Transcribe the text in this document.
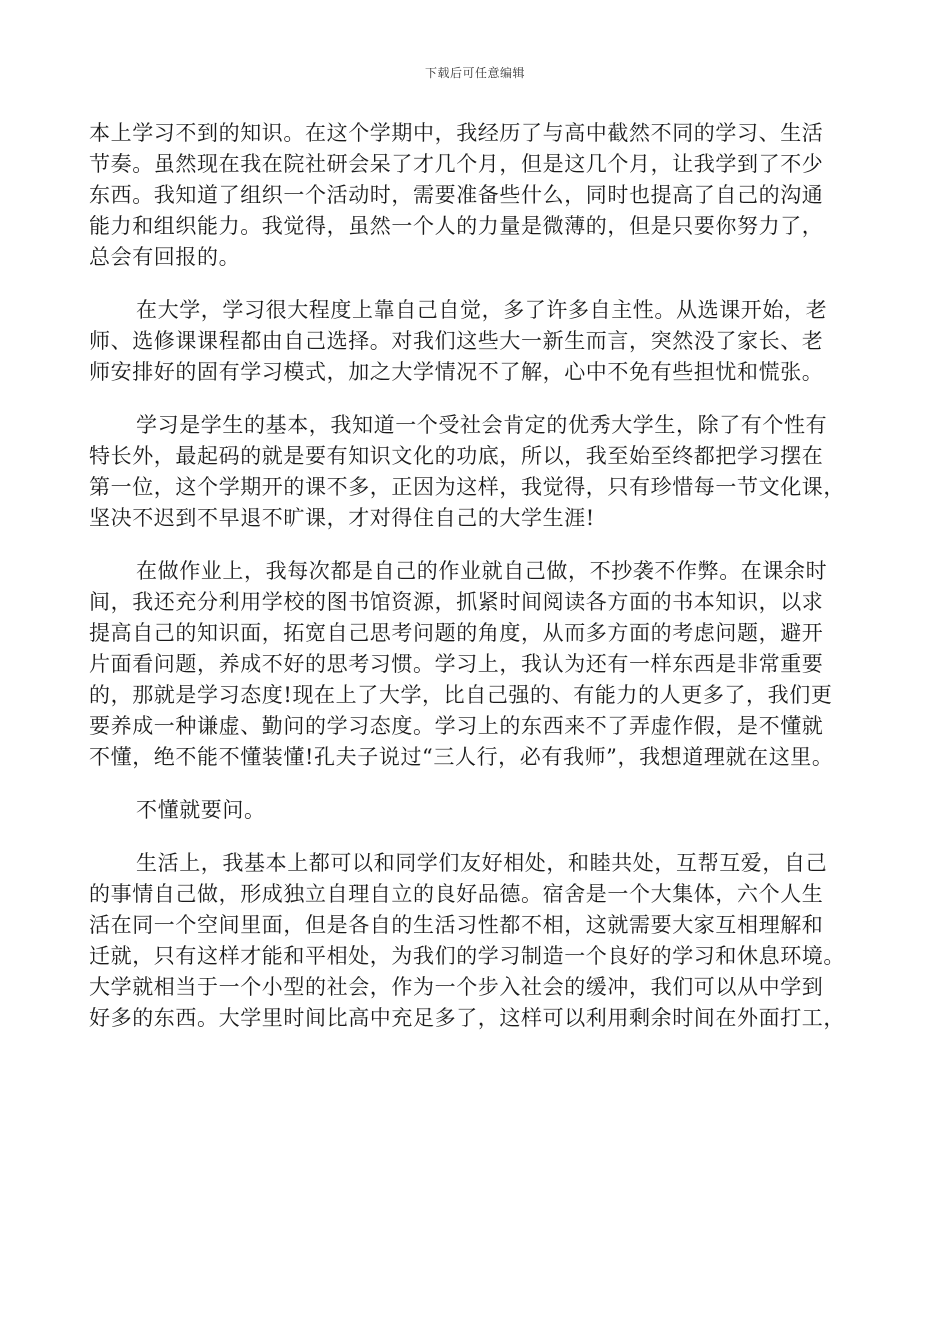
下载后可任意编辑
本上学习不到的知识。在这个学期中，我经历了与高中截然不同的学习、生活
节奏。虽然现在我在院社研会呆了才几个月，但是这几个月，让我学到了不少
东西。我知道了组织一个活动时，需要准备些什么，同时也提高了自己的沟通
能力和组织能力。我觉得，虽然一个人的力量是微薄的，但是只要你努力了，
总会有回报的。
在大学，学习很大程度上靠自己自觉，多了许多自主性。从选课开始，老
师、选修课课程都由自己选择。对我们这些大一新生而言，突然没了家长、老
师安排好的固有学习模式，加之大学情况不了解，心中不免有些担忧和慌张。
学习是学生的基本，我知道一个受社会肯定的优秀大学生，除了有个性有
特长外，最起码的就是要有知识文化的功底，所以，我至始至终都把学习摆在
第一位，这个学期开的课不多，正因为这样，我觉得，只有珍惜每一节文化课，
坚决不迟到不早退不旷课，才对得住自己的大学生涯!
在做作业上，我每次都是自己的作业就自己做，不抄袭不作弊。在课余时
间，我还充分利用学校的图书馆资源，抓紧时间阅读各方面的书本知识，以求
提高自己的知识面，拓宽自己思考问题的角度，从而多方面的考虑问题，避开
片面看问题，养成不好的思考习惯。学习上，我认为还有一样东西是非常重要
的，那就是学习态度!现在上了大学，比自己强的、有能力的人更多了，我们更
要养成一种谦虚、勤问的学习态度。学习上的东西来不了弄虚作假，是不懂就
不懂，绝不能不懂装懂!孔夫子说过“三人行，必有我师”，我想道理就在这里。
不懂就要问。
生活上，我基本上都可以和同学们友好相处，和睦共处，互帮互爱，自己
的事情自己做，形成独立自理自立的良好品德。宿舍是一个大集体，六个人生
活在同一个空间里面，但是各自的生活习性都不相，这就需要大家互相理解和
迁就，只有这样才能和平相处，为我们的学习制造一个良好的学习和休息环境。
大学就相当于一个小型的社会，作为一个步入社会的缓冲，我们可以从中学到
好多的东西。大学里时间比高中充足多了，这样可以利用剩余时间在外面打工，
